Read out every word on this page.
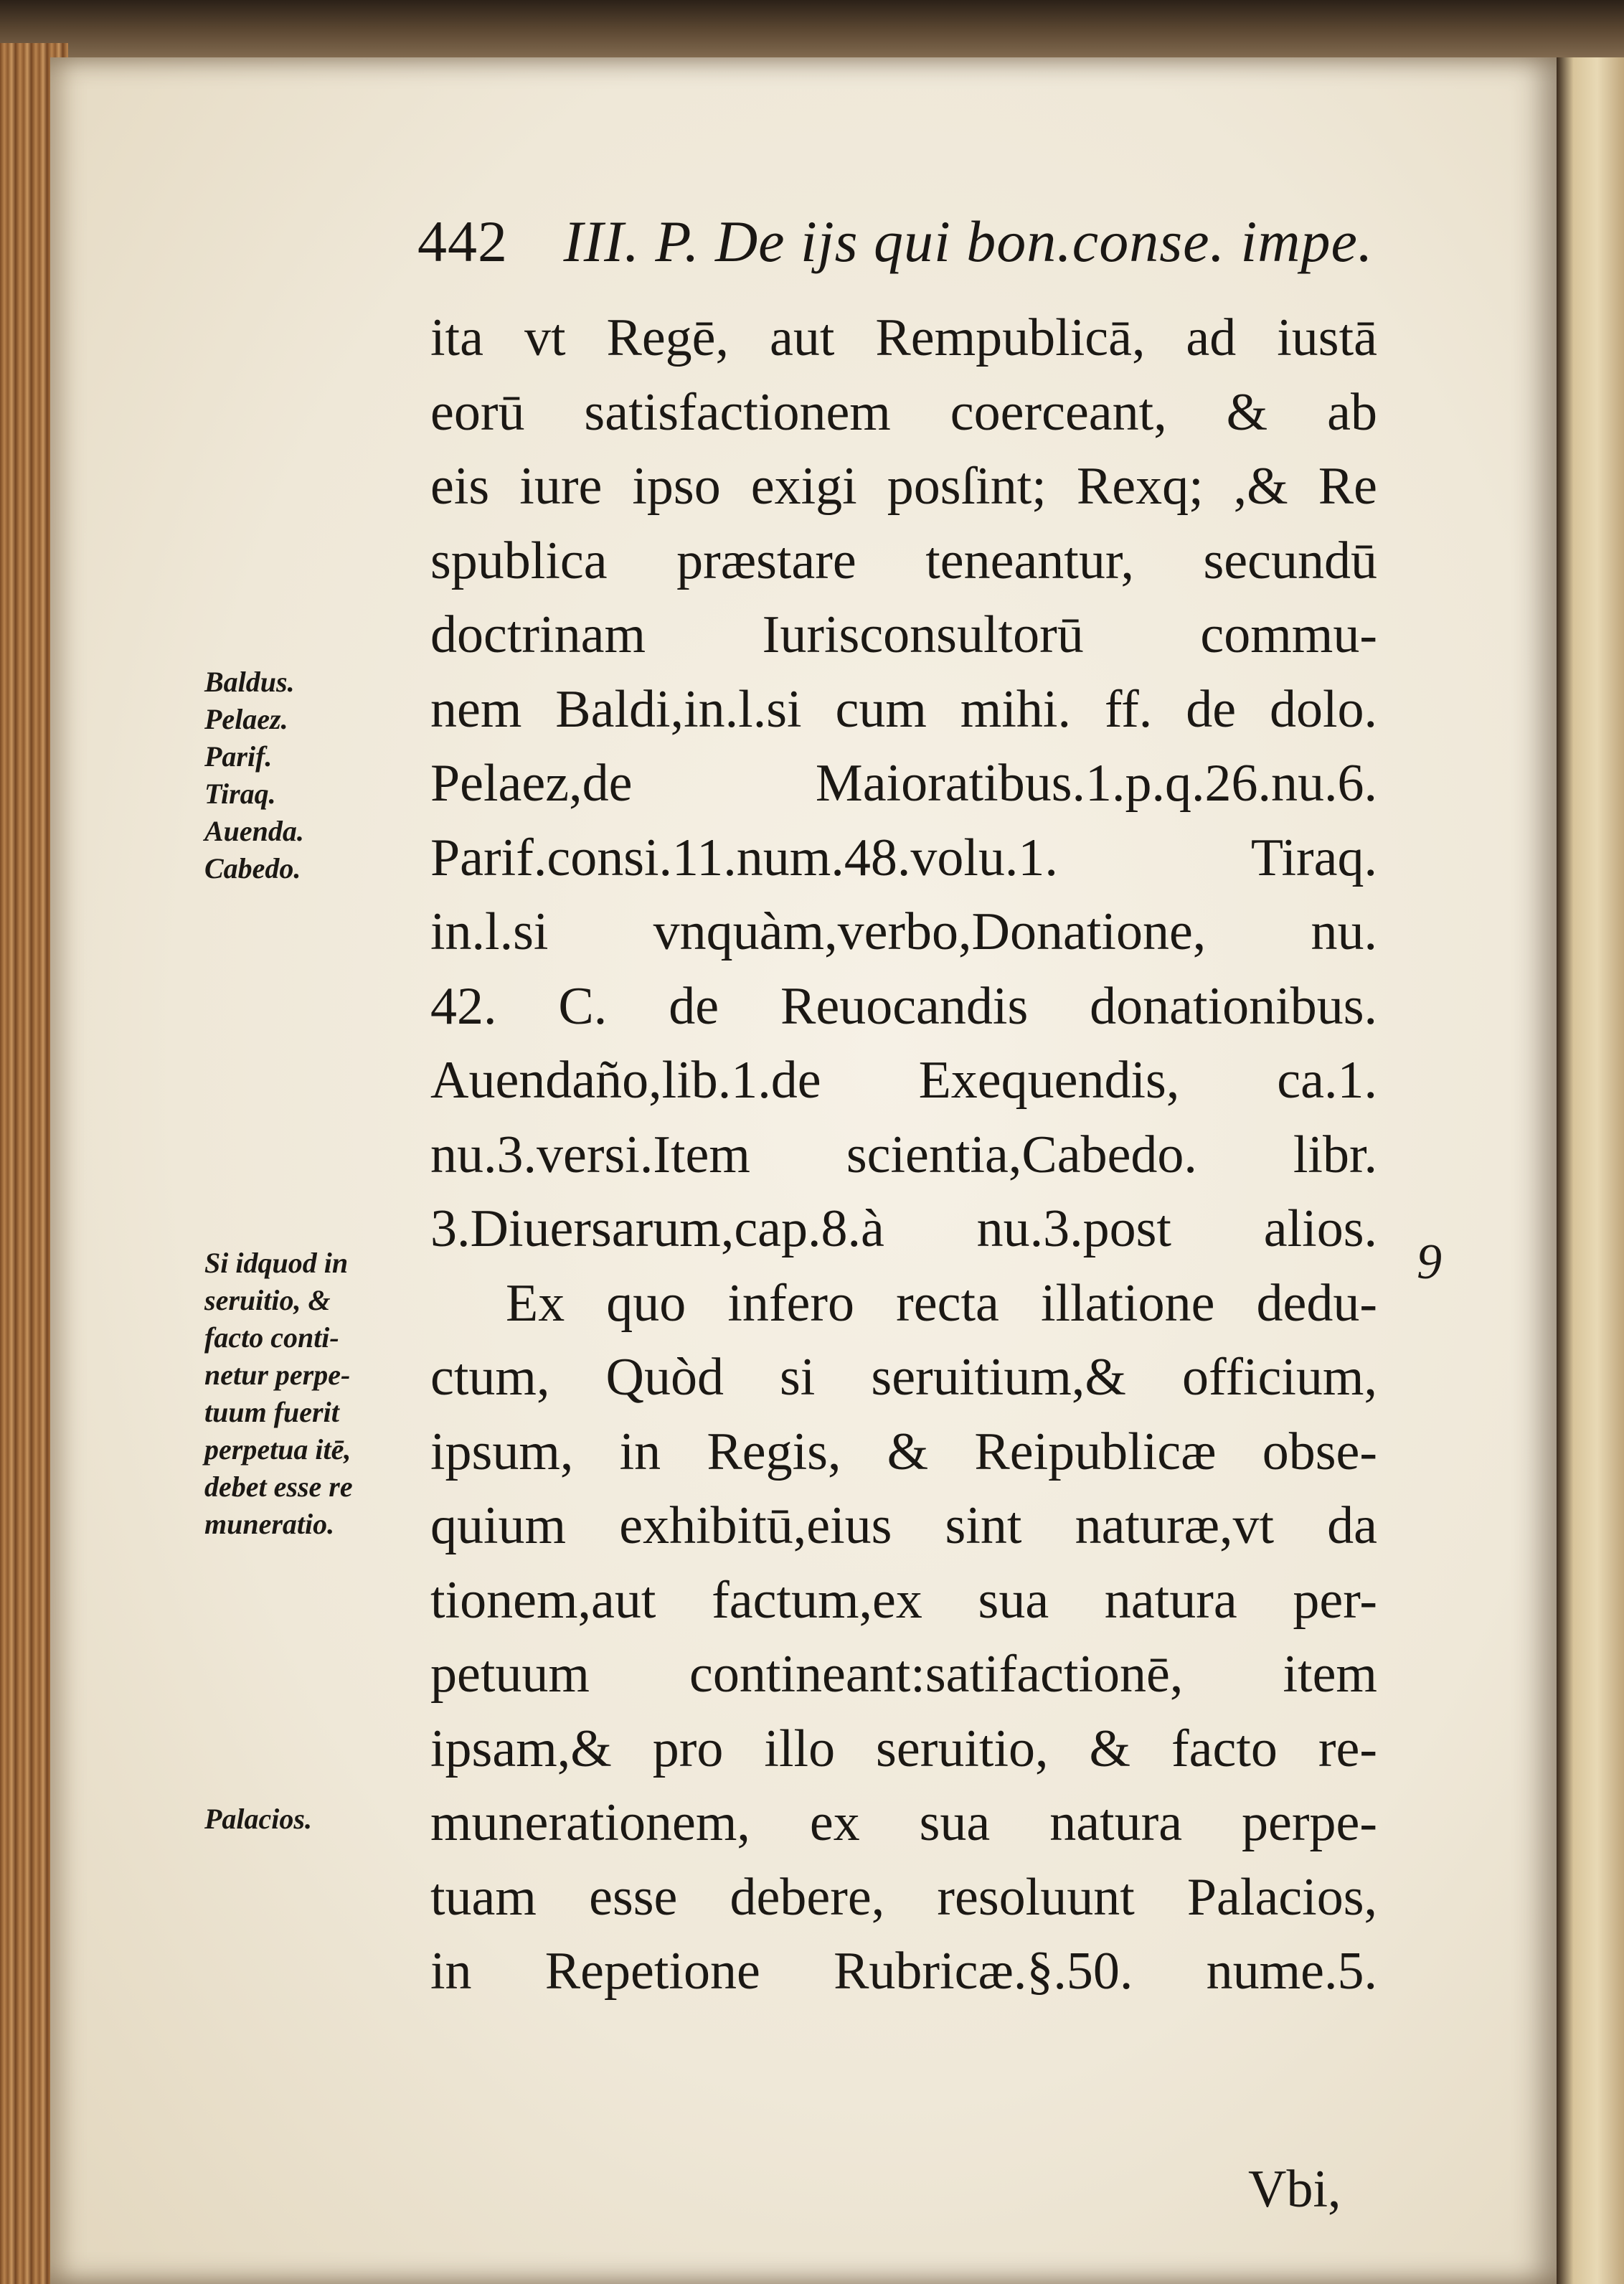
442 III. P. De ijs qui bon.conse. impe.
ita vt Regē, aut Rempublicā, ad iustā
eorū satisfactionem coerceant, & ab
eis iure ipso exigi posſint; Rexq; ,& Re
spublica præstare teneantur, secundū
doctrinam Iurisconsultorū commu-
nem Baldi,in.l.si cum mihi. ff. de dolo.
Pelaez,de Maioratibus.1.p.q.26.nu.6.
Parif.consi.11.num.48.volu.1. Tiraq.
in.l.si vnquàm,verbo,Donatione, nu.
42. C. de Reuocandis donationibus.
Auendaño,lib.1.de Exequendis, ca.1.
nu.3.versi.Item scientia,Cabedo. libr.
3.Diuersarum,cap.8.à nu.3.post alios.
Ex quo infero recta illatione dedu-
ctum, Quòd si seruitium,& officium,
ipsum, in Regis, & Reipublicæ obse-
quium exhibitū,eius sint naturæ,vt da
tionem,aut factum,ex sua natura per-
petuum contineant:satifactionē, item
ipsam,& pro illo seruitio, & facto re-
munerationem, ex sua natura perpe-
tuam esse debere, resoluunt Palacios,
in Repetione Rubricæ.§.50. nume.5.
Vbi,
9
Baldus.
Pelaez.
Parif.
Tiraq.
Auenda.
Cabedo.
Si idquod in
seruitio, &
facto conti-
netur perpe-
tuum fuerit
perpetua itē,
debet esse re
muneratio.
Palacios.
